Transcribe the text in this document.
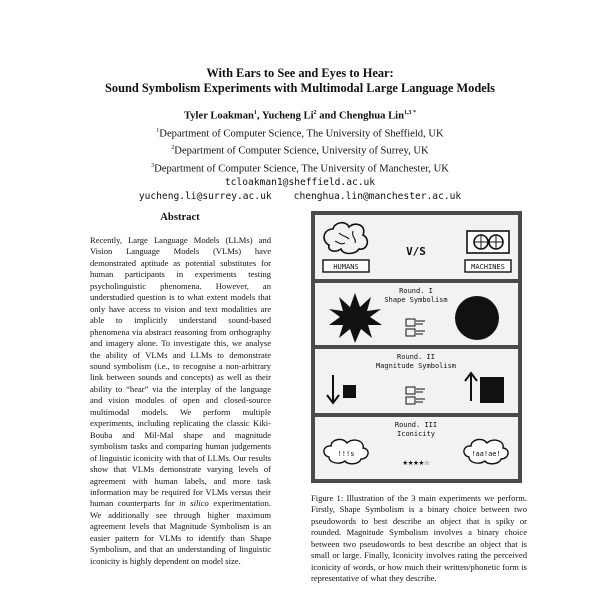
With Ears to See and Eyes to Hear:
Sound Symbolism Experiments with Multimodal Large Language Models
Tyler Loakman$^1$, Yucheng Li$^2$ and Chenghua Lin$^{1,3 *}$
$^1$Department of Computer Science, The University of Sheffield, UK
$^2$Department of Computer Science, University of Surrey, UK
$^3$Department of Computer Science, The University of Manchester, UK
tcloakman1@sheffield.ac.uk
yucheng.li@surrey.ac.uk chenghua.lin@manchester.ac.uk
Abstract

Recently, Large Language Models (LLMs) and Vision Language Models (VLMs) have demonstrated aptitude as potential substitutes for human participants in experiments testing psycholinguistic phenomena. However, an understudied question is to what extent models that only have access to vision and text modalities are able to implicitly understand sound-based phenomena via abstract reasoning from orthography and imagery alone. To investigate this, we analyse the ability of VLMs and LLMs to demonstrate sound symbolism (i.e., to recognise a non-arbitrary link between sounds and concepts) as well as their ability to “hear” via the interplay of the language and vision modules of open and closed-source multimodal models. We perform multiple experiments, including replicating the classic Kiki-Bouba and Mil-Mal shape and magnitude symbolism tasks and comparing human judgements of linguistic iconicity with that of LLMs. Our results show that VLMs demonstrate varying levels of agreement with human labels, and more task information may be required for VLMs versus their human counterparts for in silico experimentation. We additionally see through higher maximum agreement levels that Magnitude Symbolism is an easier pattern for VLMs to identify than Shape Symbolism, and that an understanding of linguistic iconicity is highly dependent on model size.

HUMANS
V/S
MACHINES
Round. I
Shape Symbolism
Round. II
Magnitude Symbolism
Round. III
Iconicity
!!!s
★★★★☆
!aa!ae!

Figure 1: Illustration of the 3 main experiments we perform. Firstly, Shape Symbolism is a binary choice between two pseudowords to best describe an object that is spiky or rounded. Magnitude Symbolism involves a binary choice between two pseudowords to best describe an object that is small or large. Finally, Iconicity involves rating the perceived iconicity of words, or how much their written/phonetic form is representative of what they describe.
